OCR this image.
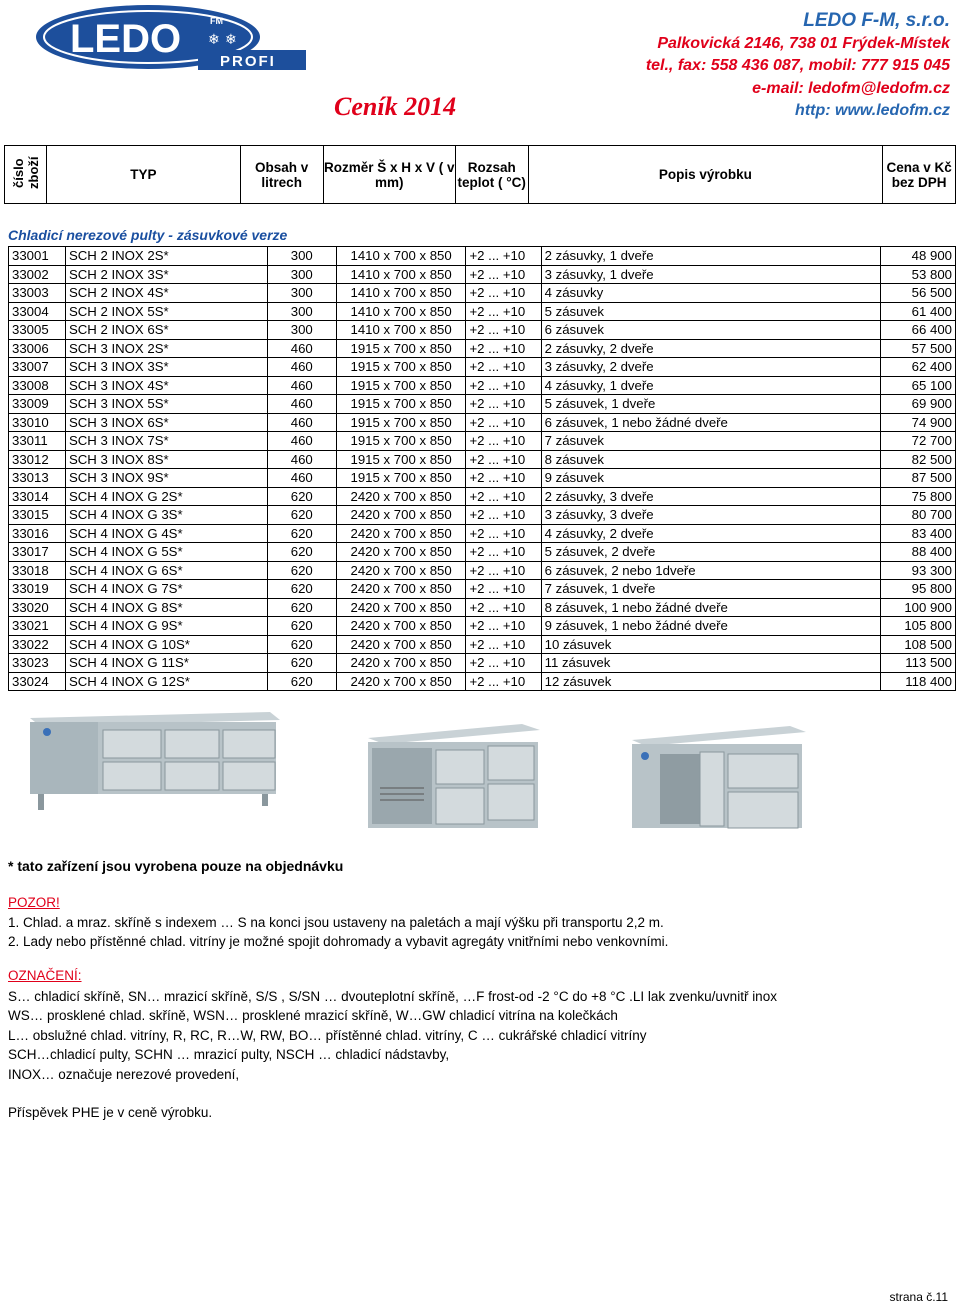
LEDO	FM
❄ ❄
PROFI
Ceník 2014
LEDO F-M, s.r.o.
Palkovická 2146, 738 01 Frýdek-Místek
tel., fax: 558 436 087, mobil: 777 915 045
e-mail: ledofm@ledofm.cz
http: www.ledofm.cz
číslo zboží	TYP	Obsah v litrech	Rozměr Š x H x V ( v mm)	Rozsah teplot ( °C)	Popis výrobku	Cena v Kč bez DPH
Chladicí nerezové pulty - zásuvkové verze
33001	SCH 2 INOX 2S*	300	1410 x 700 x 850	+2 ... +10	2 zásuvky, 1 dveře	48 900
33002	SCH 2 INOX 3S*	300	1410 x 700 x 850	+2 ... +10	3 zásuvky, 1 dveře	53 800
33003	SCH 2 INOX 4S*	300	1410 x 700 x 850	+2 ... +10	4 zásuvky	56 500
33004	SCH 2 INOX 5S*	300	1410 x 700 x 850	+2 ... +10	5 zásuvek	61 400
33005	SCH 2 INOX 6S*	300	1410 x 700 x 850	+2 ... +10	6 zásuvek	66 400
33006	SCH 3 INOX 2S*	460	1915 x 700 x 850	+2 ... +10	2 zásuvky, 2 dveře	57 500
33007	SCH 3 INOX 3S*	460	1915 x 700 x 850	+2 ... +10	3 zásuvky, 2 dveře	62 400
33008	SCH 3 INOX 4S*	460	1915 x 700 x 850	+2 ... +10	4 zásuvky, 1 dveře	65 100
33009	SCH 3 INOX 5S*	460	1915 x 700 x 850	+2 ... +10	5 zásuvek, 1 dveře	69 900
33010	SCH 3 INOX 6S*	460	1915 x 700 x 850	+2 ... +10	6 zásuvek, 1 nebo žádné dveře	74 900
33011	SCH 3 INOX 7S*	460	1915 x 700 x 850	+2 ... +10	7 zásuvek	72 700
33012	SCH 3 INOX 8S*	460	1915 x 700 x 850	+2 ... +10	8 zásuvek	82 500
33013	SCH 3 INOX 9S*	460	1915 x 700 x 850	+2 ... +10	9 zásuvek	87 500
33014	SCH 4 INOX G 2S*	620	2420 x 700 x 850	+2 ... +10	2 zásuvky, 3 dveře	75 800
33015	SCH 4 INOX G 3S*	620	2420 x 700 x 850	+2 ... +10	3 zásuvky, 3 dveře	80 700
33016	SCH 4 INOX G 4S*	620	2420 x 700 x 850	+2 ... +10	4 zásuvky, 2 dveře	83 400
33017	SCH 4 INOX G 5S*	620	2420 x 700 x 850	+2 ... +10	5 zásuvek, 2 dveře	88 400
33018	SCH 4 INOX G 6S*	620	2420 x 700 x 850	+2 ... +10	6 zásuvek, 2 nebo 1dveře	93 300
33019	SCH 4 INOX G 7S*	620	2420 x 700 x 850	+2 ... +10	7 zásuvek, 1 dveře	95 800
33020	SCH 4 INOX G 8S*	620	2420 x 700 x 850	+2 ... +10	8 zásuvek, 1 nebo žádné dveře	100 900
33021	SCH 4 INOX G 9S*	620	2420 x 700 x 850	+2 ... +10	9 zásuvek, 1 nebo žádné dveře	105 800
33022	SCH 4 INOX G 10S*	620	2420 x 700 x 850	+2 ... +10	10 zásuvek	108 500
33023	SCH 4 INOX G 11S*	620	2420 x 700 x 850	+2 ... +10	11 zásuvek	113 500
33024	SCH 4 INOX G 12S*	620	2420 x 700 x 850	+2 ... +10	12 zásuvek	118 400
* tato zařízení jsou vyrobena pouze na objednávku
POZOR!
1. Chlad. a mraz. skříně s indexem … S na konci jsou ustaveny na paletách a mají výšku při transportu 2,2 m.
2. Lady nebo přístěnné chlad. vitríny je možné spojit dohromady a vybavit agregáty vnitřními nebo venkovními.
OZNAČENÍ:
S… chladicí skříně, SN… mrazicí skříně, S/S , S/SN … dvouteplotní skříně, …F frost-od -2 °C do +8 °C .LI lak zvenku/uvnitř inox
WS… prosklené chlad. skříně, WSN… prosklené mrazicí skříně, W…GW chladicí vitrína na kolečkách
L… obslužné chlad. vitríny, R, RC, R…W, RW, BO… přístěnné chlad. vitríny, C … cukrářské chladicí vitríny
SCH…chladicí pulty, SCHN … mrazicí pulty, NSCH … chladicí nádstavby,
INOX… označuje nerezové provedení,
Příspěvek PHE je v ceně výrobku.
strana č.11
